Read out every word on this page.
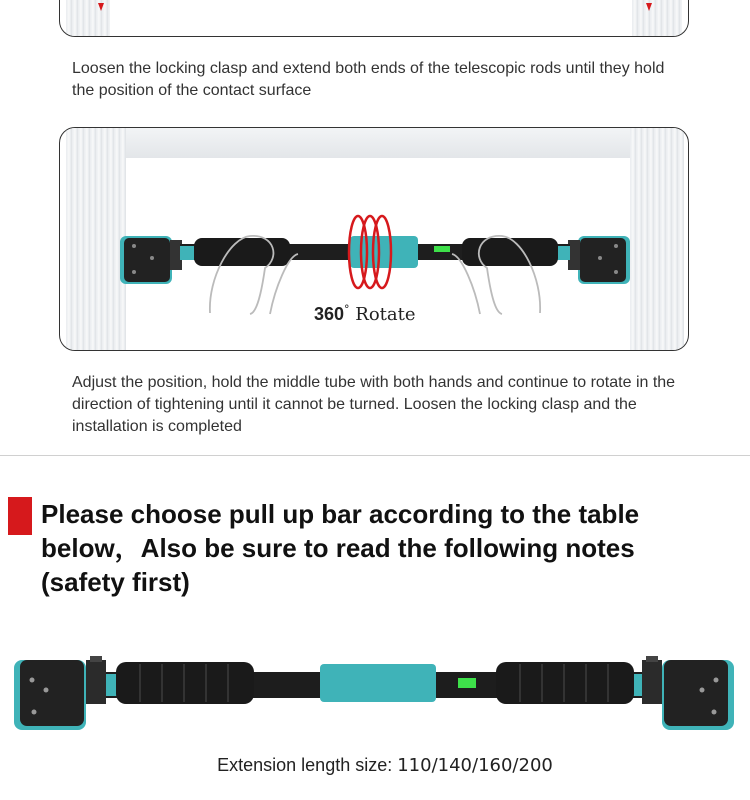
Loosen the locking clasp and extend both ends of the telescopic rods until they hold the position of the contact surface
360° Rotate
Adjust the position, hold the middle tube with both hands and continue to rotate in the direction of tightening until it cannot be turned. Loosen the locking clasp and the installation is completed
Please choose pull up bar according to the table below，Also be sure to read the following notes (safety first)
Extension length size: 110/140/160/200
